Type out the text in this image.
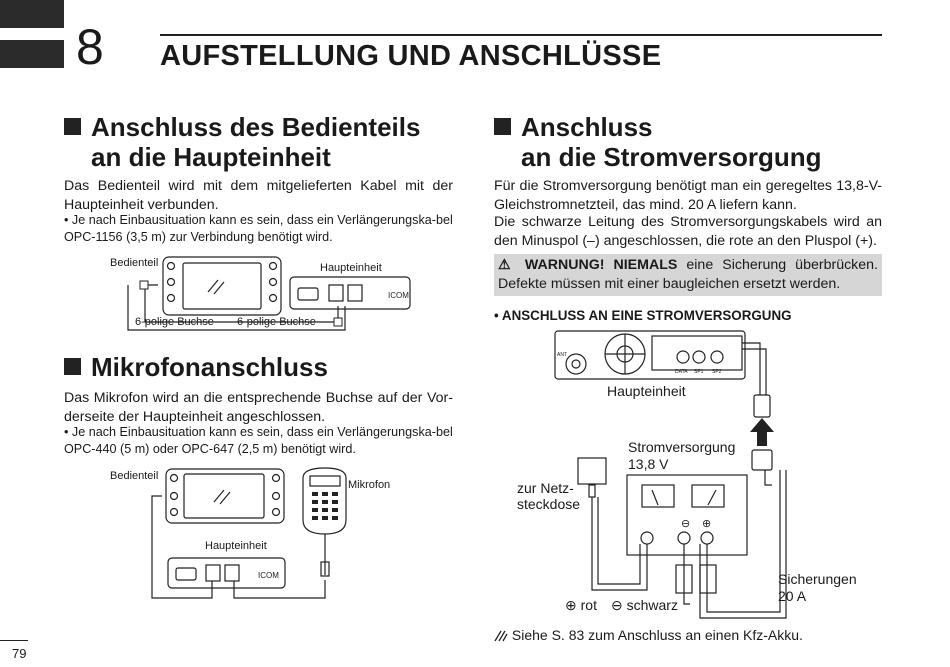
8 AUFSTELLUNG UND ANSCHLÜSSE
Anschluss des Bedienteils
an die Haupteinheit
Das Bedienteil wird mit dem mitgelieferten Kabel mit der Haupteinheit verbunden.
• Je nach Einbausituation kann es sein, dass ein Verlängerungska-bel OPC-1156 (3,5 m) zur Verbindung benötigt wird.
ICOM
Bedienteil	Haupteinheit
6-polige Buchse 6-polige Buchse
Mikrofonanschluss
Das Mikrofon wird an die entsprechende Buchse auf der Vor-derseite der Haupteinheit angeschlossen.
• Je nach Einbausituation kann es sein, dass ein Verlängerungska-bel OPC-440 (5 m) oder OPC-647 (2,5 m) benötigt wird.
ICOM
Bedienteil
Mikrofon
Haupteinheit
Anschluss
an die Stromversorgung
Für die Stromversorgung benötigt man ein geregeltes 13,8-V-Gleichstromnetzteil, das mind. 20 A liefern kann.
Die schwarze Leitung des Stromversorgungskabels wird an den Minuspol (–) angeschlossen, die rote an den Pluspol (+).
⚠ WARNUNG! NIEMALS eine Sicherung überbrücken. Defekte müssen mit einer baugleichen ersetzt werden.
• ANSCHLUSS AN EINE STROMVERSORGUNG
DATA SP1 SP2
ANT
⊖ ⊕
Haupteinheit
Stromversorgung
13,8 V
zur Netz-
steckdose
⊕ rot ⊖ schwarz
Sicherungen
20 A
Siehe S. 83 zum Anschluss an einen Kfz-Akku.
79
